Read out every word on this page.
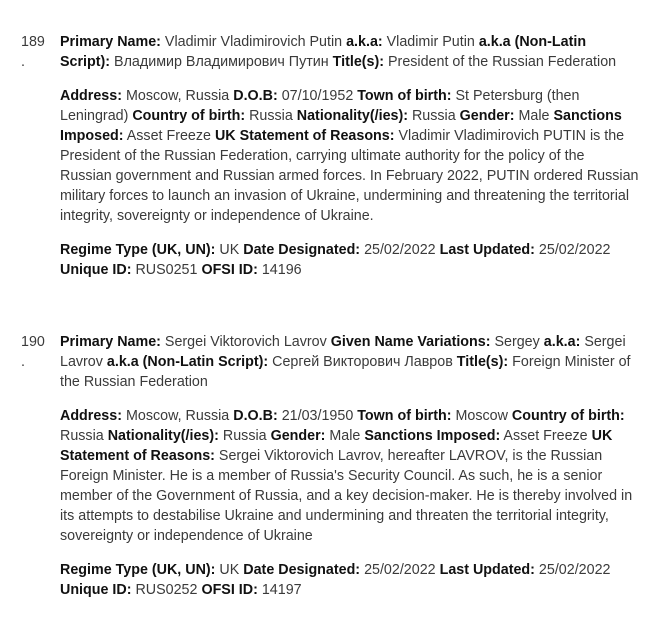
189
.

Primary Name: Vladimir Vladimirovich Putin a.k.a: Vladimir Putin a.k.a (Non-Latin Script): Владимир Владимирович Путин Title(s): President of the Russian Federation

Address: Moscow, Russia D.O.B: 07/10/1952 Town of birth: St Petersburg (then Leningrad) Country of birth: Russia Nationality(/ies): Russia Gender: Male Sanctions Imposed: Asset Freeze UK Statement of Reasons: Vladimir Vladimirovich PUTIN is the President of the Russian Federation, carrying ultimate authority for the policy of the Russian government and Russian armed forces. In February 2022, PUTIN ordered Russian military forces to launch an invasion of Ukraine, undermining and threatening the territorial integrity, sovereignty or independence of Ukraine.

Regime Type (UK, UN): UK Date Designated: 25/02/2022 Last Updated: 25/02/2022 Unique ID: RUS0251 OFSI ID: 14196

190
.

Primary Name: Sergei Viktorovich Lavrov Given Name Variations: Sergey a.k.a: Sergei Lavrov a.k.a (Non-Latin Script): Сергей Викторович Лавров Title(s): Foreign Minister of the Russian Federation

Address: Moscow, Russia D.O.B: 21/03/1950 Town of birth: Moscow Country of birth: Russia Nationality(/ies): Russia Gender: Male Sanctions Imposed: Asset Freeze UK Statement of Reasons: Sergei Viktorovich Lavrov, hereafter LAVROV, is the Russian Foreign Minister. He is a member of Russia's Security Council. As such, he is a senior member of the Government of Russia, and a key decision-maker. He is thereby involved in its attempts to destabilise Ukraine and undermining and threaten the territorial integrity, sovereignty or independence of Ukraine

Regime Type (UK, UN): UK Date Designated: 25/02/2022 Last Updated: 25/02/2022 Unique ID: RUS0252 OFSI ID: 14197
